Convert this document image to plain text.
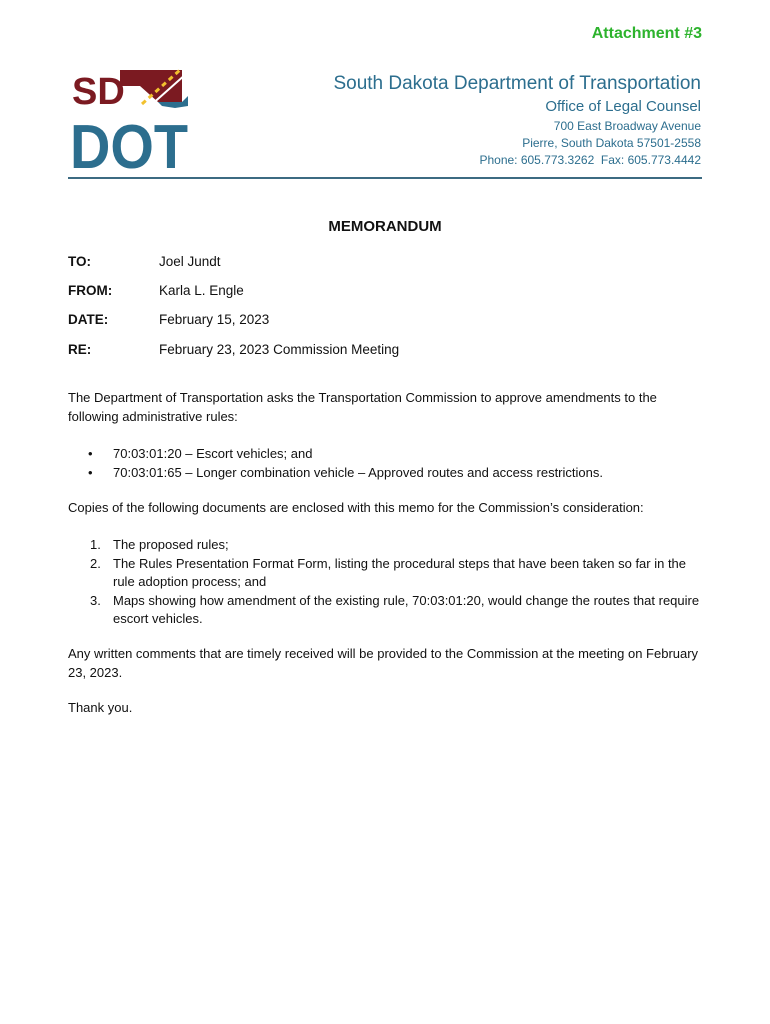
Attachment #3
SD
DOT
South Dakota Department of Transportation
Office of Legal Counsel
700 East Broadway Avenue
Pierre, South Dakota 57501-2558
Phone: 605.773.3262  Fax: 605.773.4442
MEMORANDUM
TO:	Joel Jundt
FROM:	Karla L. Engle
DATE:	February 15, 2023
RE:	February 23, 2023 Commission Meeting
The Department of Transportation asks the Transportation Commission to approve amendments to the following administrative rules:
• 70:03:01:20 – Escort vehicles; and
• 70:03:01:65 – Longer combination vehicle – Approved routes and access restrictions.
Copies of the following documents are enclosed with this memo for the Commission’s consideration:
1. The proposed rules;
2. The Rules Presentation Format Form, listing the procedural steps that have been taken so far in the rule adoption process; and
3. Maps showing how amendment of the existing rule, 70:03:01:20, would change the routes that require escort vehicles.
Any written comments that are timely received will be provided to the Commission at the meeting on February 23, 2023.
Thank you.
